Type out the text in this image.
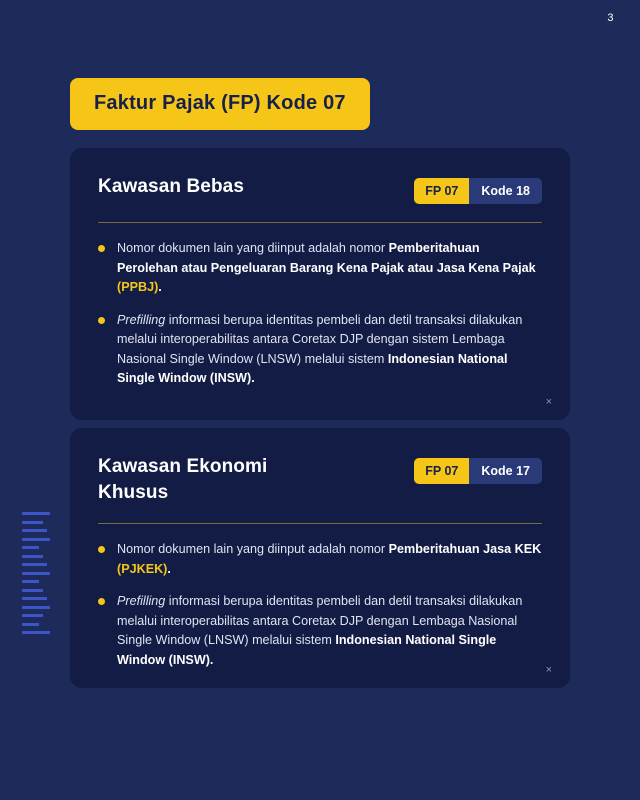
3
Faktur Pajak (FP) Kode 07
Kawasan Bebas	FP 07	Kode 18
Nomor dokumen lain yang diinput adalah nomor Pemberitahuan Perolehan atau Pengeluaran Barang Kena Pajak atau Jasa Kena Pajak (PPBJ).
Prefilling informasi berupa identitas pembeli dan detil transaksi dilakukan melalui interoperabilitas antara Coretax DJP dengan sistem Lembaga Nasional Single Window (LNSW) melalui sistem Indonesian National Single Window (INSW).
×
Kawasan Ekonomi Khusus
FP 07	Kode 17
Nomor dokumen lain yang diinput adalah nomor Pemberitahuan Jasa KEK (PJKEK).
Prefilling informasi berupa identitas pembeli dan detil transaksi dilakukan melalui interoperabilitas antara Coretax DJP dengan Lembaga Nasional Single Window (LNSW) melalui sistem Indonesian National Single Window (INSW).
×
